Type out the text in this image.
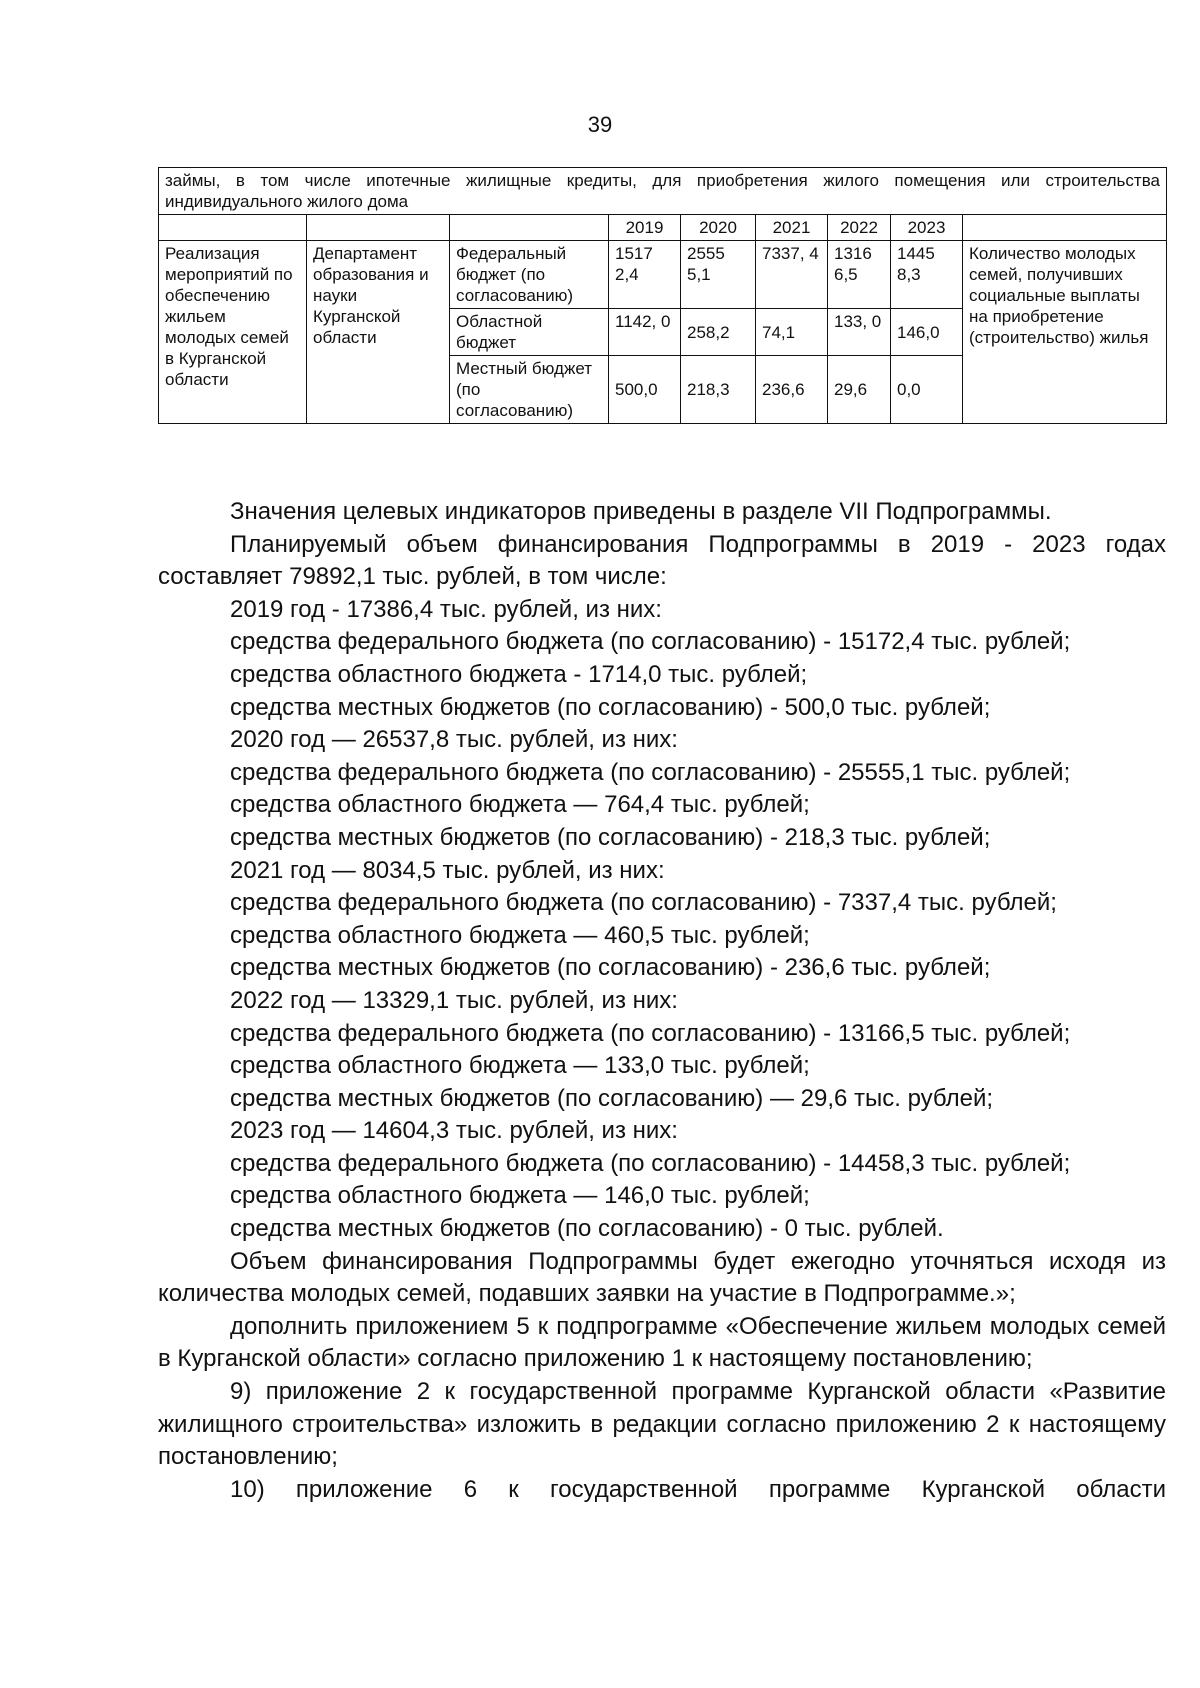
39
займы, в том числе ипотечные жилищные кредиты, для приобретения жилого помещения или строительства индивидуального жилого дома								
			2019	2020	2021	2022	2023	
Реализация мероприятий по обеспечению жильем молодых семей в Курганской области	Департамент образования и науки Курганской области	Федеральный бюджет (по согласованию)	1517 2,4	2555 5,1	7337, 4	1316 6,5	1445 8,3	Количество молодых семей, получивших социальные выплаты на приобретение (строительство) жилья
		Областной бюджет	1142, 0	258,2	74,1	133, 0	146,0	
		Местный бюджет (по согласованию)	500,0	218,3	236,6	29,6	0,0	

Значения целевых индикаторов приведены в разделе VII Подпрограммы.

Планируемый объем финансирования Подпрограммы в 2019 - 2023 годах

составляет 79892,1 тыс. рублей, в том числе:

2019 год - 17386,4 тыс. рублей, из них:

средства федерального бюджета (по согласованию) - 15172,4 тыс. рублей;

средства областного бюджета - 1714,0 тыс. рублей;

средства местных бюджетов (по согласованию) - 500,0 тыс. рублей;

2020 год — 26537,8 тыс. рублей, из них:

средства федерального бюджета (по согласованию) - 25555,1 тыс. рублей;

средства областного бюджета — 764,4 тыс. рублей;

средства местных бюджетов (по согласованию) - 218,3 тыс. рублей;

2021 год — 8034,5 тыс. рублей, из них:

средства федерального бюджета (по согласованию) - 7337,4 тыс. рублей;

средства областного бюджета — 460,5 тыс. рублей;

средства местных бюджетов (по согласованию) - 236,6 тыс. рублей;

2022 год — 13329,1 тыс. рублей, из них:

средства федерального бюджета (по согласованию) - 13166,5 тыс. рублей;

средства областного бюджета — 133,0 тыс. рублей;

средства местных бюджетов (по согласованию) — 29,6 тыс. рублей;

2023 год — 14604,3 тыс. рублей, из них:

средства федерального бюджета (по согласованию) - 14458,3 тыс. рублей;

средства областного бюджета — 146,0 тыс. рублей;

средства местных бюджетов (по согласованию) - 0 тыс. рублей.

Объем финансирования Подпрограммы будет ежегодно уточняться исходя из количества молодых семей, подавших заявки на участие в Подпрограмме.»;

дополнить приложением 5 к подпрограмме «Обеспечение жильем молодых семей в Курганской области» согласно приложению 1 к настоящему постановлению;

9) приложение 2 к государственной программе Курганской области «Развитие жилищного строительства» изложить в редакции согласно приложению 2 к настоящему постановлению;

10) приложение 6 к государственной программе Курганской области
